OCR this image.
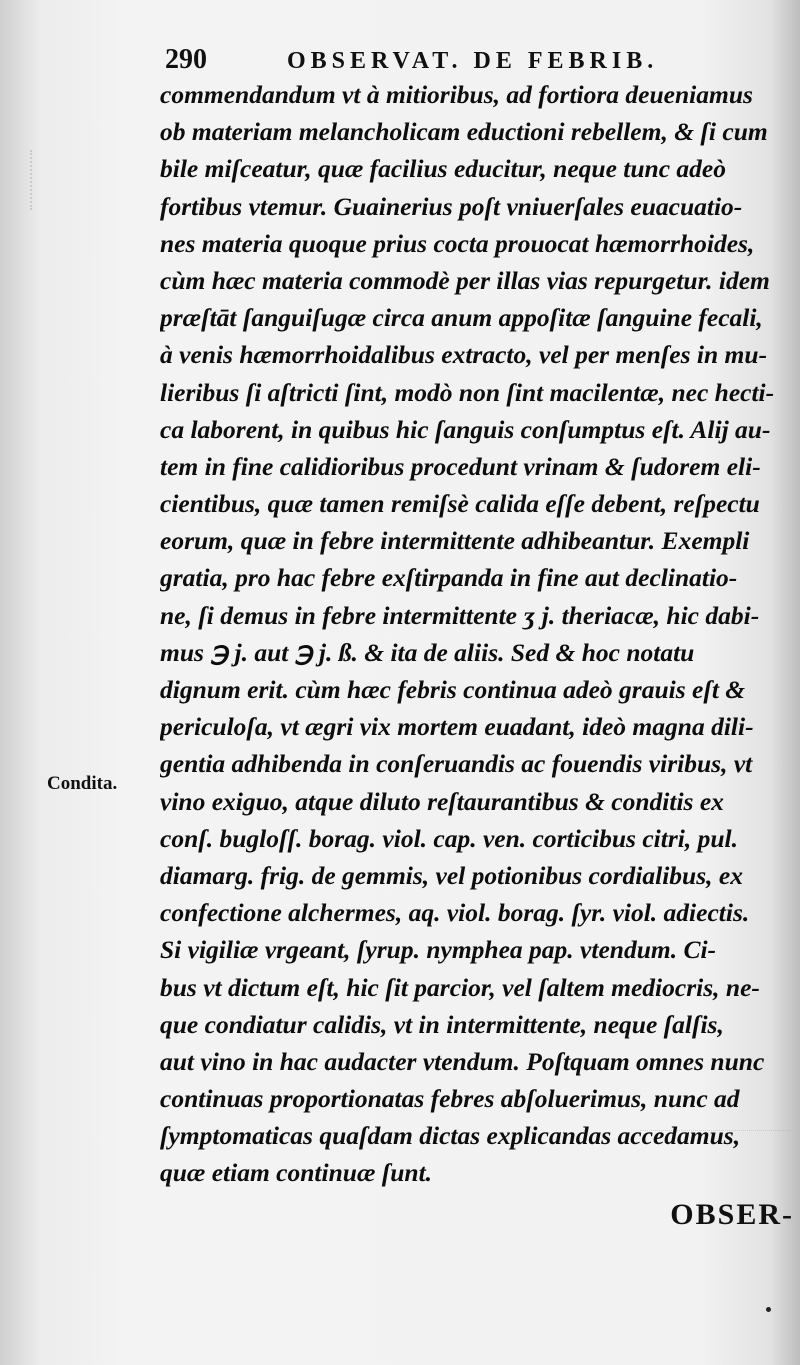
290	OBSERVAT. DE FEBRIB.
commendandum vt à mitioribus, ad fortiora deueniamus
ob materiam melancholicam eductioni rebellem, & ſi cum
bile miſceatur, quæ facilius educitur, neque tunc adeò
fortibus vtemur. Guainerius poſt vniuerſales euacuatio-
nes materia quoque prius cocta prouocat hæmorrhoides,
cùm hæc materia commodè per illas vias repurgetur. idem
præſtāt ſanguiſugæ circa anum appoſitæ ſanguine fecali,
à venis hæmorrhoidalibus extracto, vel per menſes in mu-
lieribus ſi aſtricti ſint, modò non ſint macilentæ, nec hecti-
ca laborent, in quibus hic ſanguis conſumptus eſt. Alij au-
tem in fine calidioribus procedunt vrinam & ſudorem eli-
cientibus, quæ tamen remiſsè calida eſſe debent, reſpectu
eorum, quæ in febre intermittente adhibeantur. Exempli
gratia, pro hac febre exſtirpanda in fine aut declinatio-
ne, ſi demus in febre intermittente ʒ j. theriacæ, hic dabi-
mus ℈ j. aut ℈ j. ß. & ita de aliis. Sed & hoc notatu
dignum erit. cùm hæc febris continua adeò grauis eſt &
periculoſa, vt ægri vix mortem euadant, ideò magna dili-
gentia adhibenda in conſeruandis ac fouendis viribus, vt
vino exiguo, atque diluto reſtaurantibus & conditis ex
conſ. bugloſſ. borag. viol. cap. ven. corticibus citri, pul.
diamarg. frig. de gemmis, vel potionibus cordialibus, ex
confectione alchermes, aq. viol. borag. ſyr. viol. adiectis.
Si vigiliæ vrgeant, ſyrup. nymphea pap. vtendum. Ci-
bus vt dictum eſt, hic ſit parcior, vel ſaltem mediocris, ne-
que condiatur calidis, vt in intermittente, neque ſalſis,
aut vino in hac audacter vtendum. Poſtquam omnes nunc
continuas proportionatas febres abſoluerimus, nunc ad
ſymptomaticas quaſdam dictas explicandas accedamus,
quæ etiam continuæ ſunt.
Condita.
OBSER-
